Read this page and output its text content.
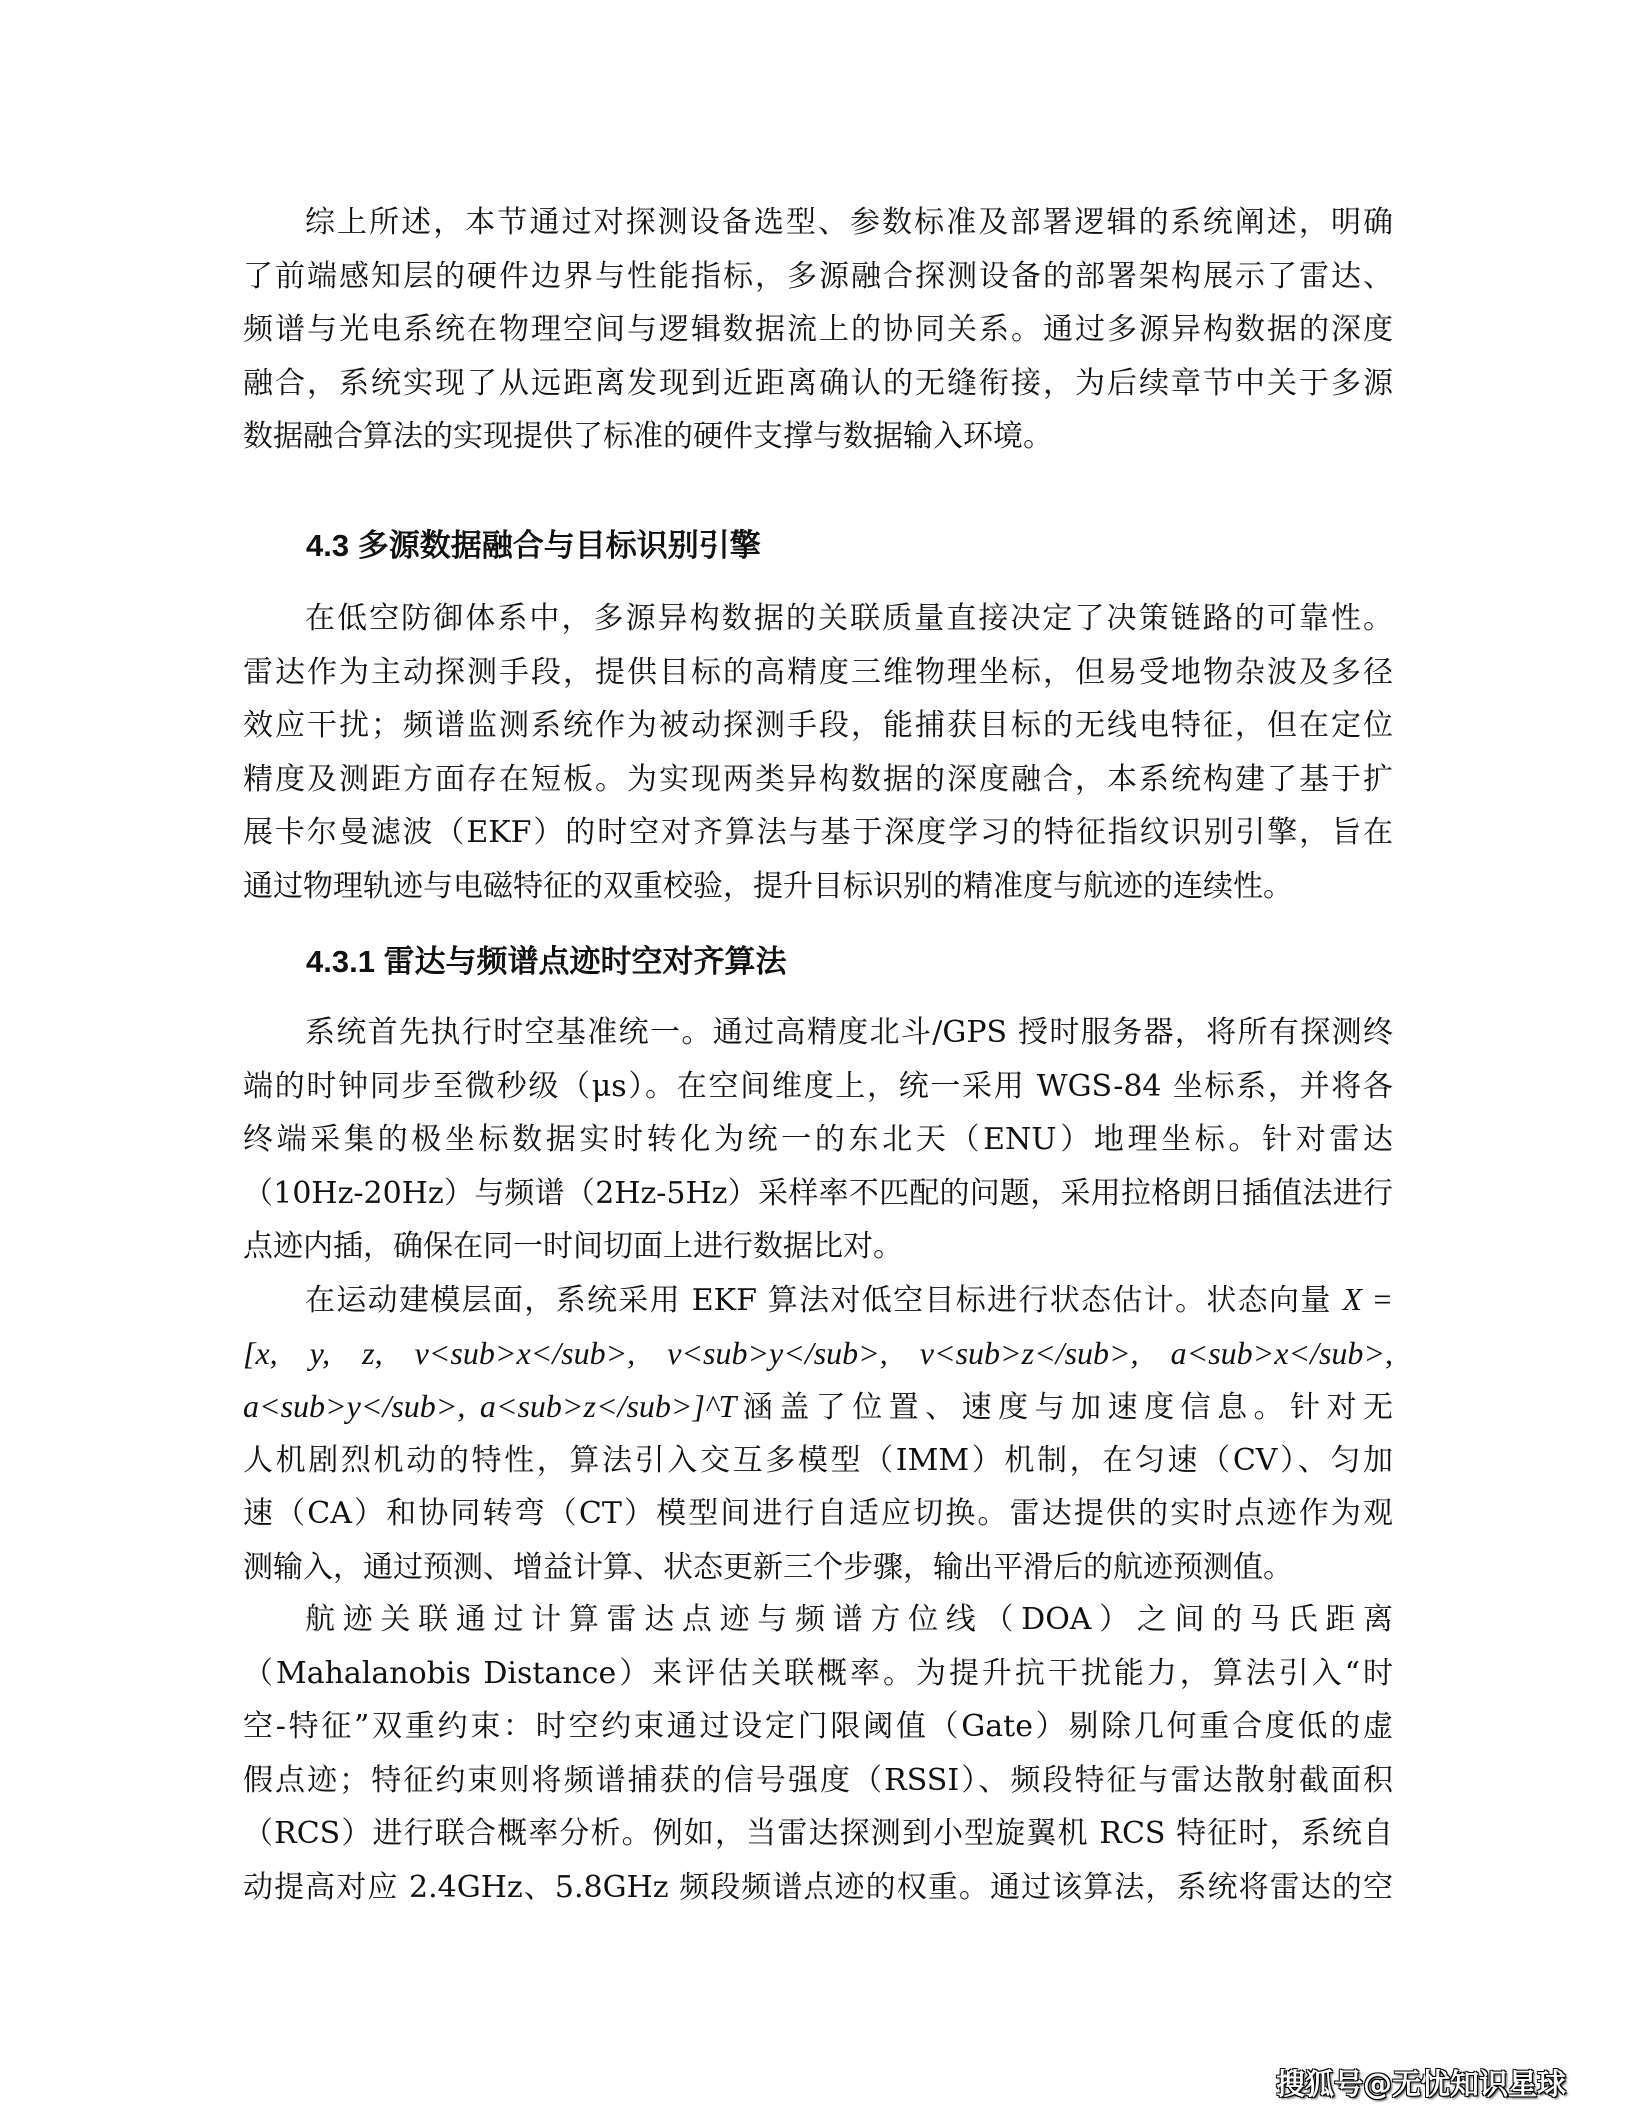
综上所述，本节通过对探测设备选型、参数标准及部署逻辑的系统阐述，明确
了前端感知层的硬件边界与性能指标，多源融合探测设备的部署架构展示了雷达、
频谱与光电系统在物理空间与逻辑数据流上的协同关系。通过多源异构数据的深度
融合，系统实现了从远距离发现到近距离确认的无缝衔接，为后续章节中关于多源
数据融合算法的实现提供了标准的硬件支撑与数据输入环境。
4.3 多源数据融合与目标识别引擎
在低空防御体系中，多源异构数据的关联质量直接决定了决策链路的可靠性。
雷达作为主动探测手段，提供目标的高精度三维物理坐标，但易受地物杂波及多径
效应干扰；频谱监测系统作为被动探测手段，能捕获目标的无线电特征，但在定位
精度及测距方面存在短板。为实现两类异构数据的深度融合，本系统构建了基于扩
展卡尔曼滤波（EKF）的时空对齐算法与基于深度学习的特征指纹识别引擎，旨在
通过物理轨迹与电磁特征的双重校验，提升目标识别的精准度与航迹的连续性。
4.3.1 雷达与频谱点迹时空对齐算法
系统首先执行时空基准统一。通过高精度北斗/GPS 授时服务器，将所有探测终
端的时钟同步至微秒级（μs）。在空间维度上，统一采用 WGS-84 坐标系，并将各
终端采集的极坐标数据实时转化为统一的东北天（ENU）地理坐标。针对雷达
（10Hz-20Hz）与频谱（2Hz-5Hz）采样率不匹配的问题，采用拉格朗日插值法进行
点迹内插，确保在同一时间切面上进行数据比对。
在运动建模层面，系统采用 EKF 算法对低空目标进行状态估计。状态向量 X =
[x, y, z, v<sub>x</sub>, v<sub>y</sub>, v<sub>z</sub>, a<sub>x</sub>,
a<sub>y</sub>, a<sub>z</sub>]^T涵盖了位置、速度与加速度信息。针对无
人机剧烈机动的特性，算法引入交互多模型（IMM）机制，在匀速（CV）、匀加
速（CA）和协同转弯（CT）模型间进行自适应切换。雷达提供的实时点迹作为观
测输入，通过预测、增益计算、状态更新三个步骤，输出平滑后的航迹预测值。
航迹关联通过计算雷达点迹与频谱方位线（DOA）之间的马氏距离
（Mahalanobis Distance）来评估关联概率。为提升抗干扰能力，算法引入“时
空-特征”双重约束：时空约束通过设定门限阈值（Gate）剔除几何重合度低的虚
假点迹；特征约束则将频谱捕获的信号强度（RSSI）、频段特征与雷达散射截面积
（RCS）进行联合概率分析。例如，当雷达探测到小型旋翼机 RCS 特征时，系统自
动提高对应 2.4GHz、5.8GHz 频段频谱点迹的权重。通过该算法，系统将雷达的空
搜狐号@无忧知识星球
